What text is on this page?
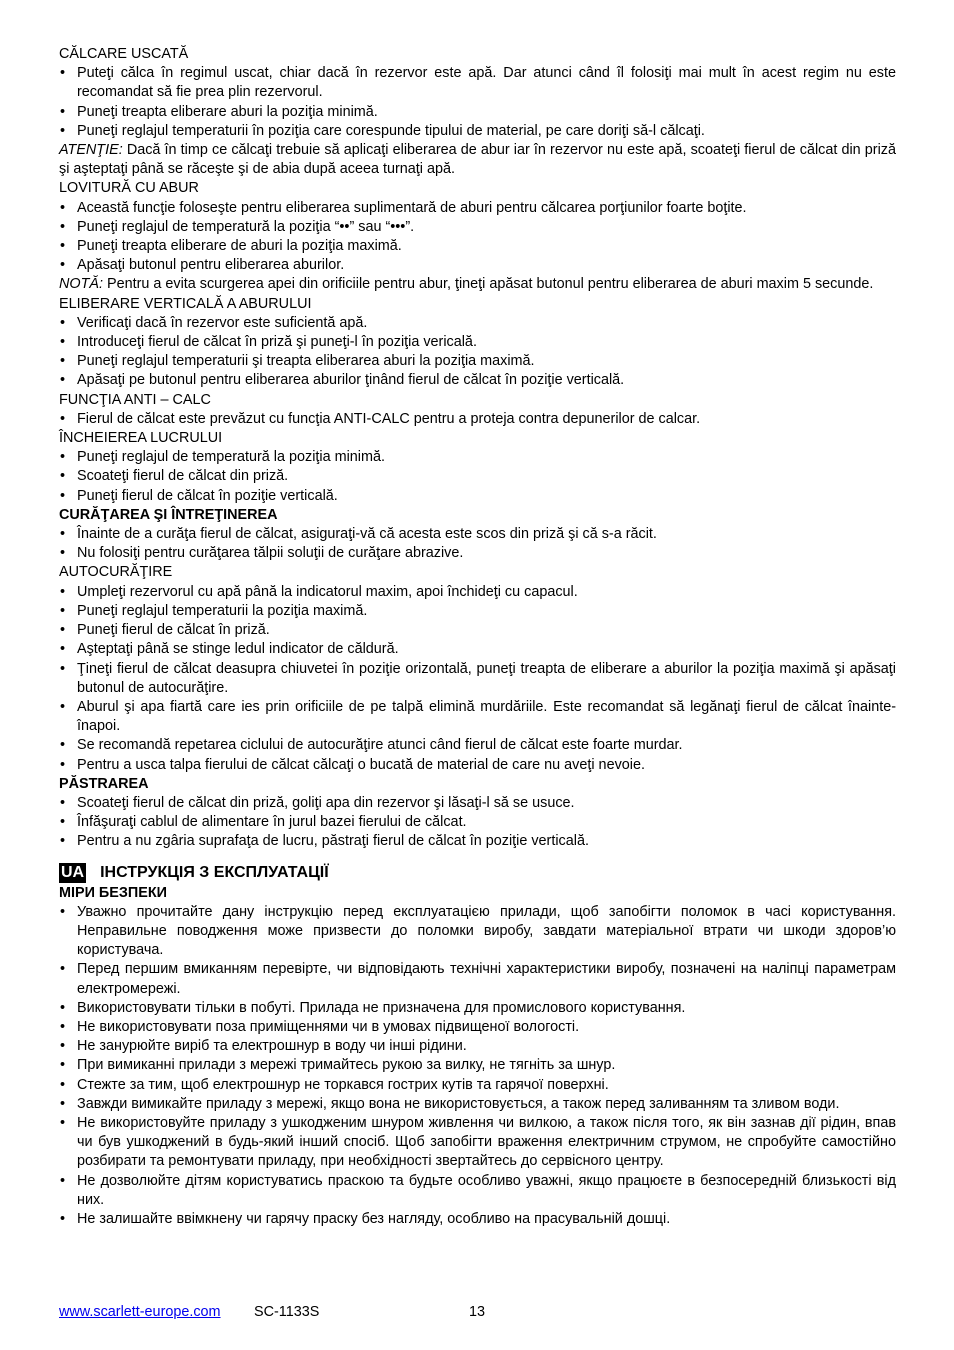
CĂLCARE USCATĂ

• Puteţi călca în regimul uscat, chiar dacă în rezervor este apă. Dar atunci când îl folosiţi mai mult în acest regim nu este recomandat să fie prea plin rezervorul.
• Puneţi treapta eliberare aburi la poziţia minimă.
• Puneţi reglajul temperaturii în poziţia care corespunde tipului de material, pe care doriţi să-l călcaţi.

ATENŢIE: Dacă în timp ce călcaţi trebuie să aplicaţi eliberarea de abur iar în rezervor nu este apă, scoateţi fierul de călcat din priză şi aşteptaţi până se răceşte şi de abia după aceea turnaţi apă.

LOVITURĂ CU ABUR

• Această funcţie foloseşte pentru eliberarea suplimentară de aburi pentru călcarea porţiunilor foarte boţite.
• Puneţi reglajul de temperatură la poziţia “••” sau “•••”.
• Puneţi treapta eliberare de aburi la poziţia maximă.
• Apăsaţi butonul pentru eliberarea aburilor.

NOTĂ: Pentru a evita scurgerea apei din orificiile pentru abur, ţineţi apăsat butonul pentru eliberarea de aburi maxim 5 secunde.

ELIBERARE VERTICALĂ A ABURULUI

• Verificaţi dacă în rezervor este suficientă apă.
• Introduceţi fierul de călcat în priză şi puneţi-l în poziţia vericală.
• Puneţi reglajul temperaturii şi treapta eliberarea aburi la poziţia maximă.
• Apăsaţi pe butonul pentru eliberarea aburilor ţinând fierul de călcat în poziţie verticală.

FUNCŢIA ANTI – CALC

• Fierul de călcat este prevăzut cu funcţia ANTI-CALC pentru a proteja contra depunerilor de calcar.

ÎNCHEIEREA LUCRULUI

• Puneţi reglajul de temperatură la poziţia minimă.
• Scoateţi fierul de călcat din priză.
• Puneţi fierul de călcat în poziţie verticală.

CURĂŢAREA ŞI ÎNTREŢINEREA

• Înainte de a curăţa fierul de călcat, asiguraţi-vă că acesta este scos din priză şi că s-a răcit.
• Nu folosiţi pentru curăţarea tălpii soluţii de curăţare abrazive.

AUTOCURĂŢIRE

• Umpleţi rezervorul cu apă până la indicatorul maxim, apoi închideţi cu capacul.
• Puneţi reglajul temperaturii la poziţia maximă.
• Puneţi fierul de călcat în priză.
• Aşteptaţi până se stinge ledul indicator de căldură.
• Ţineţi fierul de călcat deasupra chiuvetei în poziţie orizontală, puneţi treapta de eliberare a aburilor la poziţia maximă şi apăsaţi butonul de autocurăţire.
• Aburul şi apa fiartă care ies prin orificiile de pe talpă elimină murdăriile. Este recomandat să legănaţi fierul de călcat înainte-înapoi.
• Se recomandă repetarea ciclului de autocurăţire atunci când fierul de călcat este foarte murdar.
• Pentru a usca talpa fierului de călcat călcaţi o bucată de material de care nu aveţi nevoie.

PĂSTRAREA

• Scoateţi fierul de călcat din priză, goliţi apa din rezervor şi lăsaţi-l să se usuce.
• Înfăşuraţi cablul de alimentare în jurul bazei fierului de călcat.
• Pentru a nu zgâria suprafaţa de lucru, păstraţi fierul de călcat în poziţie verticală.
UA ІНСТРУКЦІЯ З ЕКСПЛУАТАЦІЇ

МІРИ БЕЗПЕКИ

• Уважно прочитайте дану інструкцію перед експлуатацією прилади, щоб запобігти поломок в часі користування. Неправильне поводження може призвести до поломки виробу, завдати матеріальної втрати чи шкоди здоров’ю користувача.
• Перед першим вмиканням перевірте, чи відповідають технічні характеристики виробу, позначені на наліпці параметрам електромережі.
• Використовувати тільки в побуті. Прилада не призначена для промислового користування.
• Не використовувати поза приміщеннями чи в умовах підвищеної вологості.
• Не занурюйте виріб та електрошнур в воду чи інші рідини.
• При вимиканні прилади з мережі тримайтесь рукою за вилку, не тягніть за шнур.
• Стежте за тим, щоб електрошнур не торкався гострих кутів та гарячої поверхні.
• Завжди вимикайте приладу з мережі, якщо вона не використовується, а також перед заливанням та зливом води.
• Не використовуйте приладу з ушкодженим шнуром живлення чи вилкою, а також після того, як він зазнав дії рідин, впав чи був ушкоджений в будь-який інший спосіб. Щоб запобігти враження електричним струмом, не спробуйте самостійно розбирати та ремонтувати приладу, при необхідності звертайтесь до сервісного центру.
• Не дозволюйте дітям користуватись праскою та будьте особливо уважні, якщо працюєте в безпосередній близькості від них.
• Не залишайте ввімкнену чи гарячу праску без нагляду, особливо на прасувальній дошці.
www.scarlett-europe.com SC-1133S	13
